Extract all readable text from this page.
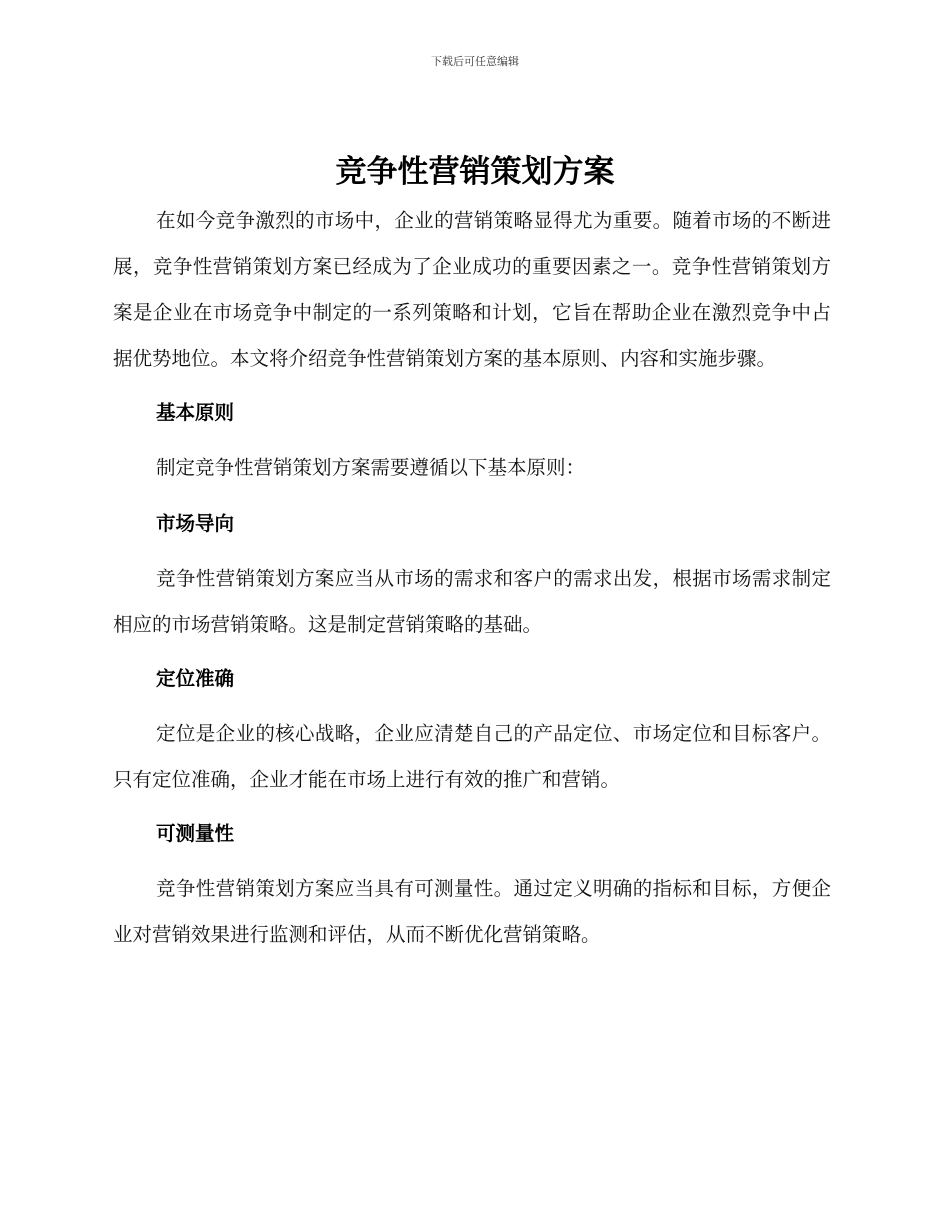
下载后可任意编辑
竞争性营销策划方案

在如今竞争激烈的市场中，企业的营销策略显得尤为重要。随着市场的不断进展，竞争性营销策划方案已经成为了企业成功的重要因素之一。竞争性营销策划方案是企业在市场竞争中制定的一系列策略和计划，它旨在帮助企业在激烈竞争中占据优势地位。本文将介绍竞争性营销策划方案的基本原则、内容和实施步骤。

基本原则

制定竞争性营销策划方案需要遵循以下基本原则：

市场导向

竞争性营销策划方案应当从市场的需求和客户的需求出发，根据市场需求制定相应的市场营销策略。这是制定营销策略的基础。

定位准确

定位是企业的核心战略，企业应清楚自己的产品定位、市场定位和目标客户。只有定位准确，企业才能在市场上进行有效的推广和营销。

可测量性

竞争性营销策划方案应当具有可测量性。通过定义明确的指标和目标，方便企业对营销效果进行监测和评估，从而不断优化营销策略。
